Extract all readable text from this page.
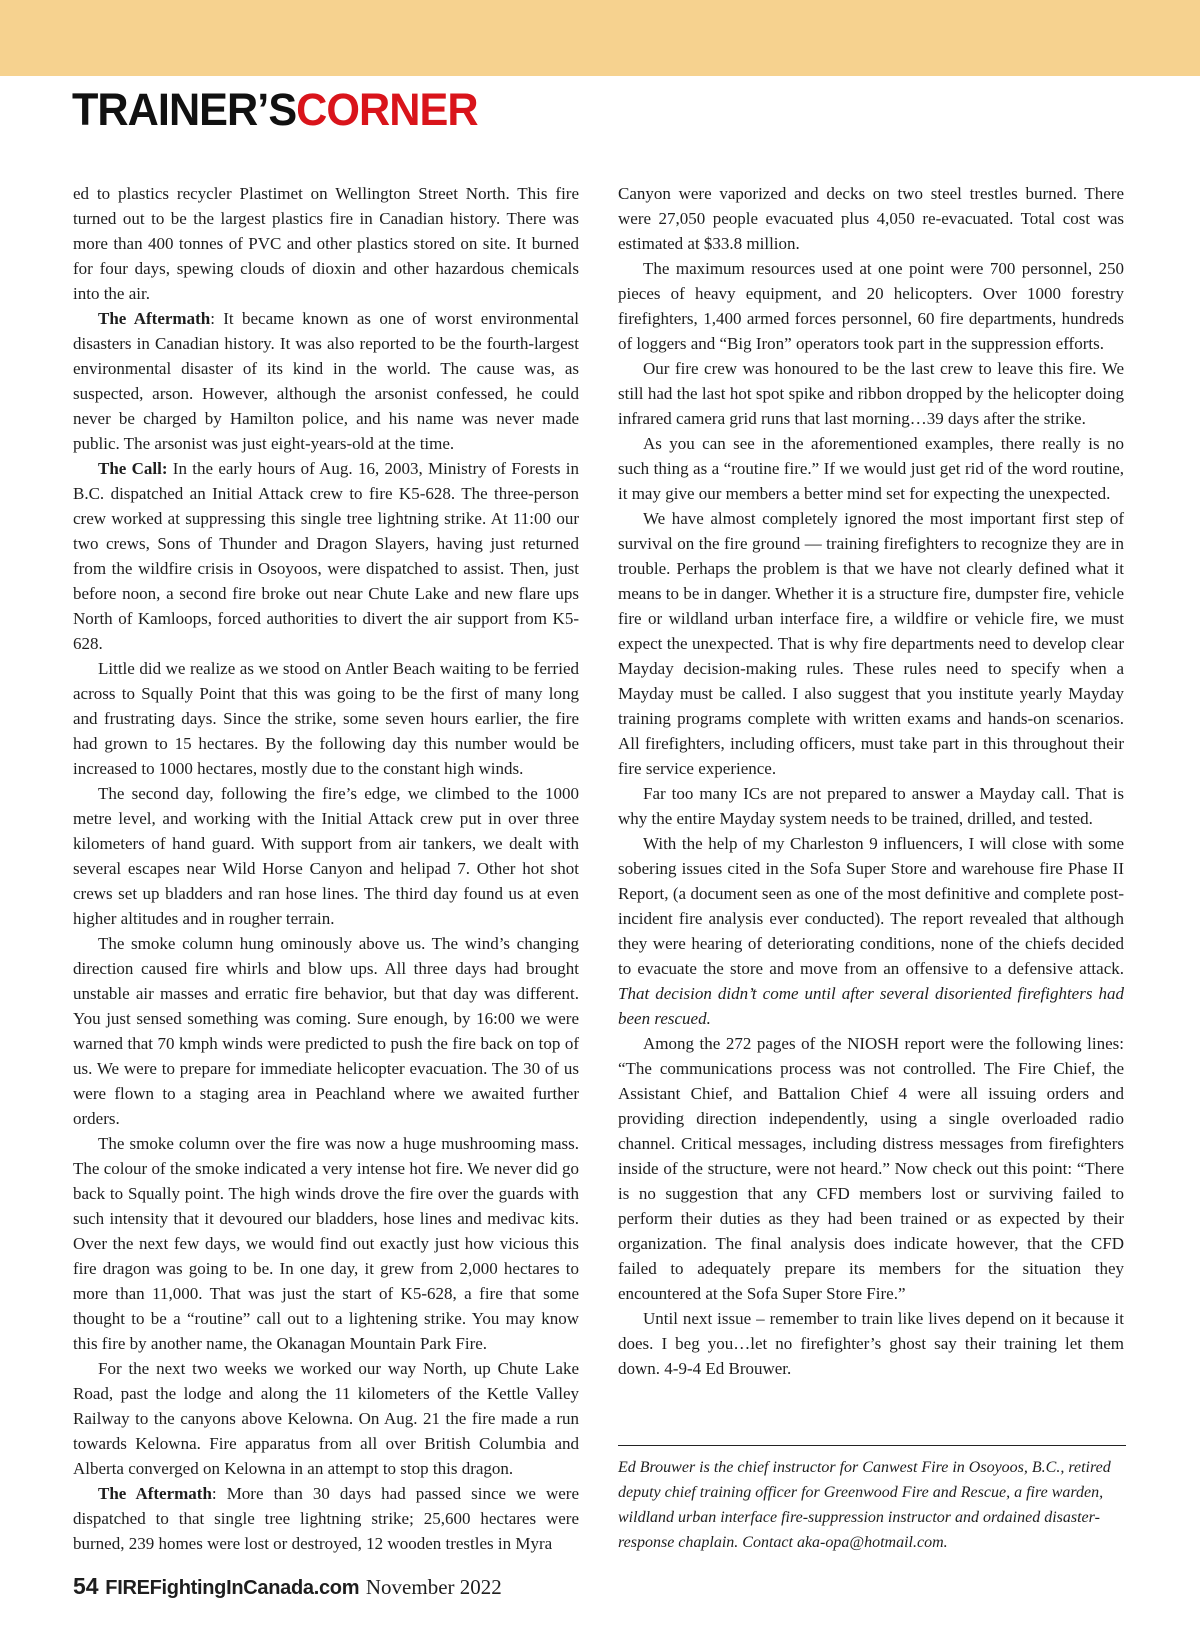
TRAINER’SCORNER

ed to plastics recycler Plastimet on Wellington Street North. This fire turned out to be the largest plastics fire in Canadian history. There was more than 400 tonnes of PVC and other plastics stored on site. It burned for four days, spewing clouds of dioxin and other hazardous chemicals into the air.

The Aftermath: It became known as one of worst environmental disasters in Canadian history. It was also reported to be the fourth-largest environmental disaster of its kind in the world. The cause was, as suspected, arson. However, although the arsonist confessed, he could never be charged by Hamilton police, and his name was never made public. The arsonist was just eight-years-old at the time.

The Call: In the early hours of Aug. 16, 2003, Ministry of Forests in B.C. dispatched an Initial Attack crew to fire K5-628. The three-person crew worked at suppressing this single tree lightning strike. At 11:00 our two crews, Sons of Thunder and Dragon Slayers, having just returned from the wildfire crisis in Osoyoos, were dispatched to assist. Then, just before noon, a second fire broke out near Chute Lake and new flare ups North of Kamloops, forced authorities to divert the air support from K5-628.

Little did we realize as we stood on Antler Beach waiting to be ferried across to Squally Point that this was going to be the first of many long and frustrating days. Since the strike, some seven hours earlier, the fire had grown to 15 hectares. By the following day this number would be increased to 1000 hectares, mostly due to the constant high winds.

The second day, following the fire’s edge, we climbed to the 1000 metre level, and working with the Initial Attack crew put in over three kilometers of hand guard. With support from air tankers, we dealt with several escapes near Wild Horse Canyon and helipad 7. Other hot shot crews set up bladders and ran hose lines. The third day found us at even higher altitudes and in rougher terrain.

The smoke column hung ominously above us. The wind’s changing direction caused fire whirls and blow ups. All three days had brought unstable air masses and erratic fire behavior, but that day was different. You just sensed something was coming. Sure enough, by 16:00 we were warned that 70 kmph winds were predicted to push the fire back on top of us. We were to prepare for immediate helicopter evacuation. The 30 of us were flown to a staging area in Peachland where we awaited further orders.

The smoke column over the fire was now a huge mushrooming mass. The colour of the smoke indicated a very intense hot fire. We never did go back to Squally point. The high winds drove the fire over the guards with such intensity that it devoured our bladders, hose lines and medivac kits. Over the next few days, we would find out exactly just how vicious this fire dragon was going to be. In one day, it grew from 2,000 hectares to more than 11,000. That was just the start of K5-628, a fire that some thought to be a “routine” call out to a lightening strike. You may know this fire by another name, the Okanagan Mountain Park Fire.

For the next two weeks we worked our way North, up Chute Lake Road, past the lodge and along the 11 kilometers of the Kettle Valley Railway to the canyons above Kelowna. On Aug. 21 the fire made a run towards Kelowna. Fire apparatus from all over British Columbia and Alberta converged on Kelowna in an attempt to stop this dragon.

The Aftermath: More than 30 days had passed since we were dispatched to that single tree lightning strike; 25,600 hectares were burned, 239 homes were lost or destroyed, 12 wooden trestles in Myra

Canyon were vaporized and decks on two steel trestles burned. There were 27,050 people evacuated plus 4,050 re-evacuated. Total cost was estimated at $33.8 million.

The maximum resources used at one point were 700 personnel, 250 pieces of heavy equipment, and 20 helicopters. Over 1000 forestry firefighters, 1,400 armed forces personnel, 60 fire departments, hundreds of loggers and “Big Iron” operators took part in the suppression efforts.

Our fire crew was honoured to be the last crew to leave this fire. We still had the last hot spot spike and ribbon dropped by the helicopter doing infrared camera grid runs that last morning…39 days after the strike.

As you can see in the aforementioned examples, there really is no such thing as a “routine fire.” If we would just get rid of the word routine, it may give our members a better mind set for expecting the unexpected.

We have almost completely ignored the most important first step of survival on the fire ground — training firefighters to recognize they are in trouble. Perhaps the problem is that we have not clearly defined what it means to be in danger. Whether it is a structure fire, dumpster fire, vehicle fire or wildland urban interface fire, a wildfire or vehicle fire, we must expect the unexpected. That is why fire departments need to develop clear Mayday decision-making rules. These rules need to specify when a Mayday must be called. I also suggest that you institute yearly Mayday training programs complete with written exams and hands-on scenarios. All firefighters, including officers, must take part in this throughout their fire service experience.

Far too many ICs are not prepared to answer a Mayday call. That is why the entire Mayday system needs to be trained, drilled, and tested.

With the help of my Charleston 9 influencers, I will close with some sobering issues cited in the Sofa Super Store and warehouse fire Phase II Report, (a document seen as one of the most definitive and complete post-incident fire analysis ever conducted). The report revealed that although they were hearing of deteriorating conditions, none of the chiefs decided to evacuate the store and move from an offensive to a defensive attack. That decision didn’t come until after several disoriented firefighters had been rescued.

Among the 272 pages of the NIOSH report were the following lines: “The communications process was not controlled. The Fire Chief, the Assistant Chief, and Battalion Chief 4 were all issuing orders and providing direction independently, using a single overloaded radio channel. Critical messages, including distress messages from firefighters inside of the structure, were not heard.” Now check out this point: “There is no suggestion that any CFD members lost or surviving failed to perform their duties as they had been trained or as expected by their organization. The final analysis does indicate however, that the CFD failed to adequately prepare its members for the situation they encountered at the Sofa Super Store Fire.”

Until next issue – remember to train like lives depend on it because it does. I beg you…let no firefighter’s ghost say their training let them down. 4-9-4 Ed Brouwer.

Ed Brouwer is the chief instructor for Canwest Fire in Osoyoos, B.C., retired deputy chief training officer for Greenwood Fire and Rescue, a fire warden, wildland urban interface fire-suppression instructor and ordained disaster-response chaplain. Contact aka-opa@hotmail.com.
54 FIREFightingInCanada.com November 2022
